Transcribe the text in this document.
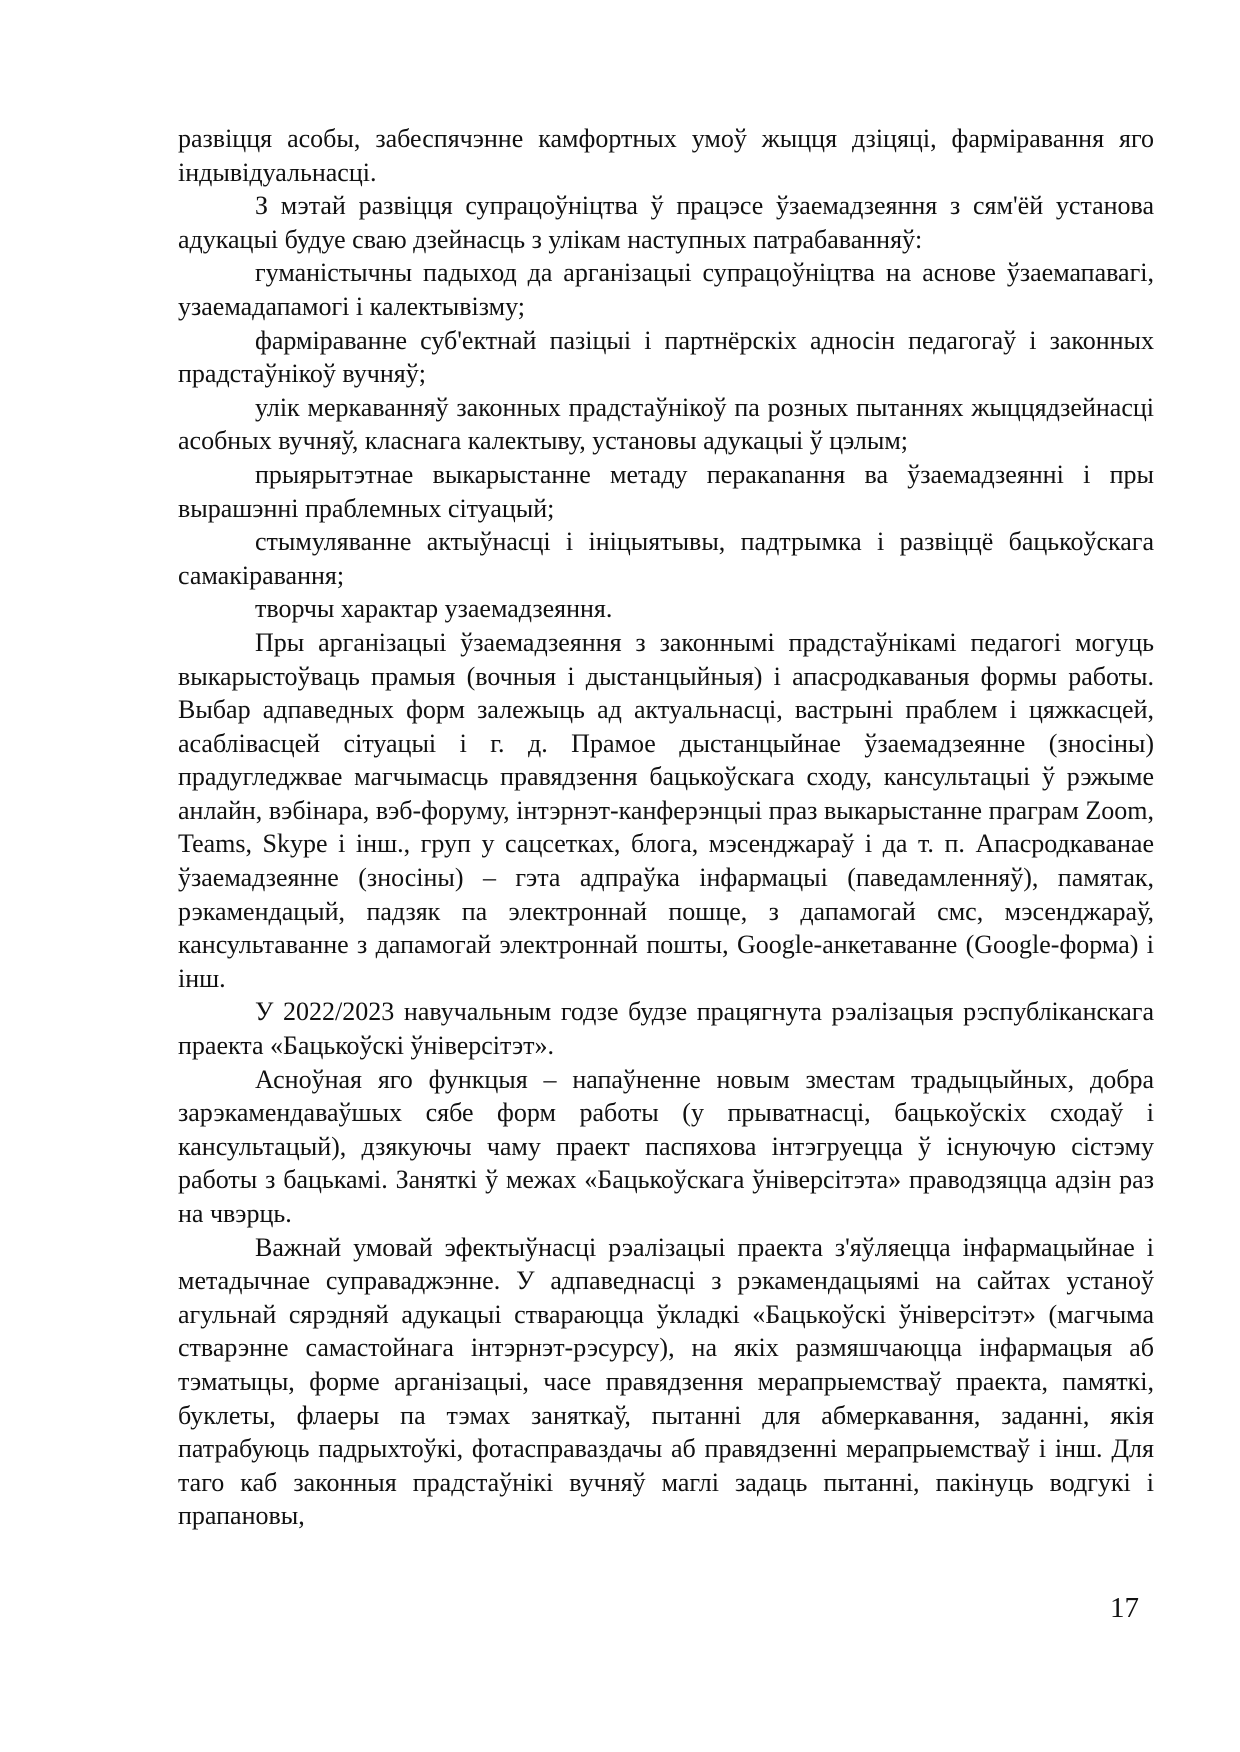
развіцця асобы, забеспячэнне камфортных умоў жыцця дзіцяці, фарміравання яго індывідуальнасці.

З мэтай развіцця супрацоўніцтва ў працэсе ўзаемадзеяння з сям'ёй установа адукацыі будуе сваю дзейнасць з улікам наступных патрабаванняў:

гуманістычны падыход да арганізацыі супрацоўніцтва на аснове ўзаемапавагі, узаемадапамогі і калектывізму;

фарміраванне суб'ектнай пазіцыі і партнёрскіх адносін педагогаў і законных прадстаўнікоў вучняў;

улік меркаванняў законных прадстаўнікоў па розных пытаннях жыццядзейнасці асобных вучняў, класнага калектыву, установы адукацыі ў цэлым;

прыярытэтнае выкарыстанне метаду перакanання ва ўзаемадзеянні і пры вырашэнні праблемных сітуацый;

стымуляванне актыўнасці і ініцыятывы, падтрымка і развіццё бацькоўскага самакіравання;

творчы характар узаемадзеяння.

Пры арганізацыі ўзаемадзеяння з законнымі прадстаўнікамі педагогі могуць выкарыстоўваць прамыя (вочныя і дыстанцыйныя) і апасродкаваныя формы работы. Выбар адпаведных форм залежыць ад актуальнасці, вастрыні праблем і цяжкасцей, асаблівасцей сітуацыі і г. д. Прамое дыстанцыйнае ўзаемадзеянне (зносіны) прадугледжвае магчымасць правядзення бацькоўскага сходу, кансультацыі ў рэжыме анлайн, вэбінара, вэб-форуму, інтэрнэт-канферэнцыі праз выкарыстанне праграм Zoom, Teams, Skype і інш., груп у сацсетках, блога, мэсенджараў і да т. п. Апасродкаванае ўзаемадзеянне (зносіны) – гэта адпраўка інфармацыі (паведамленняў), памятак, рэкамендацый, падзяк па электроннай пошце, з дапамогай смс, мэсенджараў, кансультаванне з дапамогай электроннай пошты, Google-анкетаванне (Google-форма) і інш.

У 2022/2023 навучальным годзе будзе працягнута рэалізацыя рэспубліканскага праекта «Бацькоўскі ўніверсітэт».

Асноўная яго функцыя – напаўненне новым зместам традыцыйных, добра зарэкамендаваўшых сябе форм работы (у прыватнасці, бацькоўскіх сходаў і кансультацый), дзякуючы чаму праект паспяхова інтэгруецца ў існуючую сістэму работы з бацькамі. Заняткі ў межах «Бацькоўскага ўніверсітэта» праводзяцца адзін раз на чвэрць.

Важнай умовай эфектыўнасці рэалізацыі праекта з'яўляецца інфармацыйнае і метадычнае суправаджэнне. У адпаведнасці з рэкамендацыямі на сайтах устаноў агульнай сярэдняй адукацыі ствараюцца ўкладкі «Бацькоўскі ўніверсітэт» (магчыма стварэнне самастойнага інтэрнэт-рэсурсу), на якіх размяшчаюцца інфармацыя аб тэматыцы, форме арганізацыі, часе правядзення мерапрыемстваў праекта, памяткі, буклеты, флаеры па тэмах заняткаў, пытанні для абмеркавання, заданні, якія патрабуюць падрыхтоўкі, фотасправаздачы аб правядзенні мерапрыемстваў і інш. Для таго каб законныя прадстаўнікі вучняў маглі задаць пытанні, пакінуць водгукі і прапановы,

17
